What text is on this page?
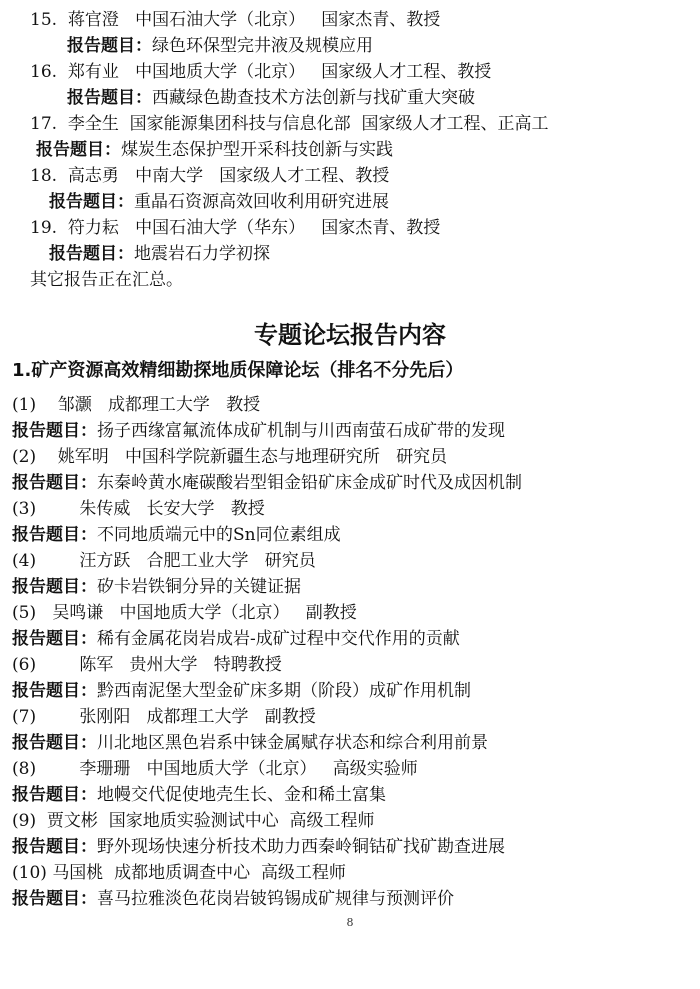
15. 蒋官澄 中国石油大学（北京） 国家杰青、教授
报告题目：绿色环保型完井液及规模应用
16. 郑有业 中国地质大学（北京） 国家级人才工程、教授
报告题目：西藏绿色勘查技术方法创新与找矿重大突破
17. 李全生 国家能源集团科技与信息化部 国家级人才工程、正高工
报告题目：煤炭生态保护型开采科技创新与实践
18. 高志勇 中南大学 国家级人才工程、教授
报告题目：重晶石资源高效回收利用研究进展
19. 符力耘 中国石油大学（华东） 国家杰青、教授
报告题目：地震岩石力学初探
其它报告正在汇总。
专题论坛报告内容
1.矿产资源高效精细勘探地质保障论坛（排名不分先后）
(1) 邹灏 成都理工大学 教授
报告题目：扬子西缘富氟流体成矿机制与川西南萤石成矿带的发现
(2) 姚军明 中国科学院新疆生态与地理研究所 研究员
报告题目：东秦岭黄水庵碳酸岩型钼金铅矿床金成矿时代及成因机制
(3)	朱传威 长安大学 教授
报告题目：不同地质端元中的Sn同位素组成
(4)	汪方跃 合肥工业大学 研究员
报告题目：矽卡岩铁铜分异的关键证据
(5) 吴鸣谦 中国地质大学（北京） 副教授
报告题目：稀有金属花岗岩成岩-成矿过程中交代作用的贡献
(6)	陈军 贵州大学 特聘教授
报告题目：黔西南泥堡大型金矿床多期（阶段）成矿作用机制
(7)	张刚阳 成都理工大学 副教授
报告题目：川北地区黑色岩系中铼金属赋存状态和综合利用前景
(8)	李珊珊 中国地质大学（北京） 高级实验师
报告题目：地幔交代促使地壳生长、金和稀土富集
(9) 贾文彬 国家地质实验测试中心 高级工程师
报告题目：野外现场快速分析技术助力西秦岭铜钴矿找矿勘查进展
(10) 马国桃 成都地质调查中心 高级工程师
报告题目：喜马拉雅淡色花岗岩铍钨锡成矿规律与预测评价
8
